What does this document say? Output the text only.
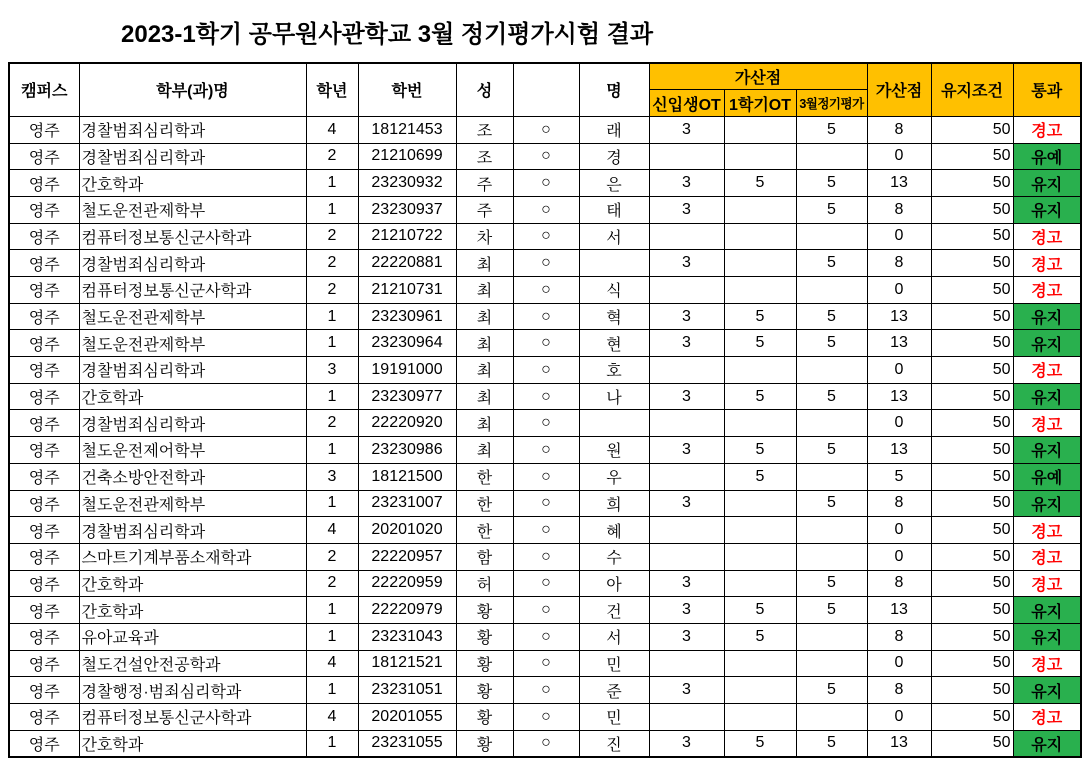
2023-1학기 공무원사관학교 3월 정기평가시험 결과
캠퍼스	학부(과)명	학년	학번	성		명	가산점			가산점	유지조건	통과
							신입생OT	1학기OT	3월정기평가			
영주	경찰범죄심리학과	4	18121453	조	○	래	3		5	8	50	경고
영주	경찰범죄심리학과	2	21210699	조	○	경				0	50	유예
영주	간호학과	1	23230932	주	○	은	3	5	5	13	50	유지
영주	철도운전관제학부	1	23230937	주	○	태	3		5	8	50	유지
영주	컴퓨터정보통신군사학과	2	21210722	차	○	서				0	50	경고
영주	경찰범죄심리학과	2	22220881	최	○		3		5	8	50	경고
영주	컴퓨터정보통신군사학과	2	21210731	최	○	식				0	50	경고
영주	철도운전관제학부	1	23230961	최	○	혁	3	5	5	13	50	유지
영주	철도운전관제학부	1	23230964	최	○	현	3	5	5	13	50	유지
영주	경찰범죄심리학과	3	19191000	최	○	호				0	50	경고
영주	간호학과	1	23230977	최	○	나	3	5	5	13	50	유지
영주	경찰범죄심리학과	2	22220920	최	○					0	50	경고
영주	철도운전제어학부	1	23230986	최	○	원	3	5	5	13	50	유지
영주	건축소방안전학과	3	18121500	한	○	우		5		5	50	유예
영주	철도운전관제학부	1	23231007	한	○	희	3		5	8	50	유지
영주	경찰범죄심리학과	4	20201020	한	○	혜				0	50	경고
영주	스마트기계부품소재학과	2	22220957	함	○	수				0	50	경고
영주	간호학과	2	22220959	허	○	아	3		5	8	50	경고
영주	간호학과	1	22220979	황	○	건	3	5	5	13	50	유지
영주	유아교육과	1	23231043	황	○	서	3	5		8	50	유지
영주	철도건설안전공학과	4	18121521	황	○	민				0	50	경고
영주	경찰행정·범죄심리학과	1	23231051	황	○	준	3		5	8	50	유지
영주	컴퓨터정보통신군사학과	4	20201055	황	○	민				0	50	경고
영주	간호학과	1	23231055	황	○	진	3	5	5	13	50	유지
